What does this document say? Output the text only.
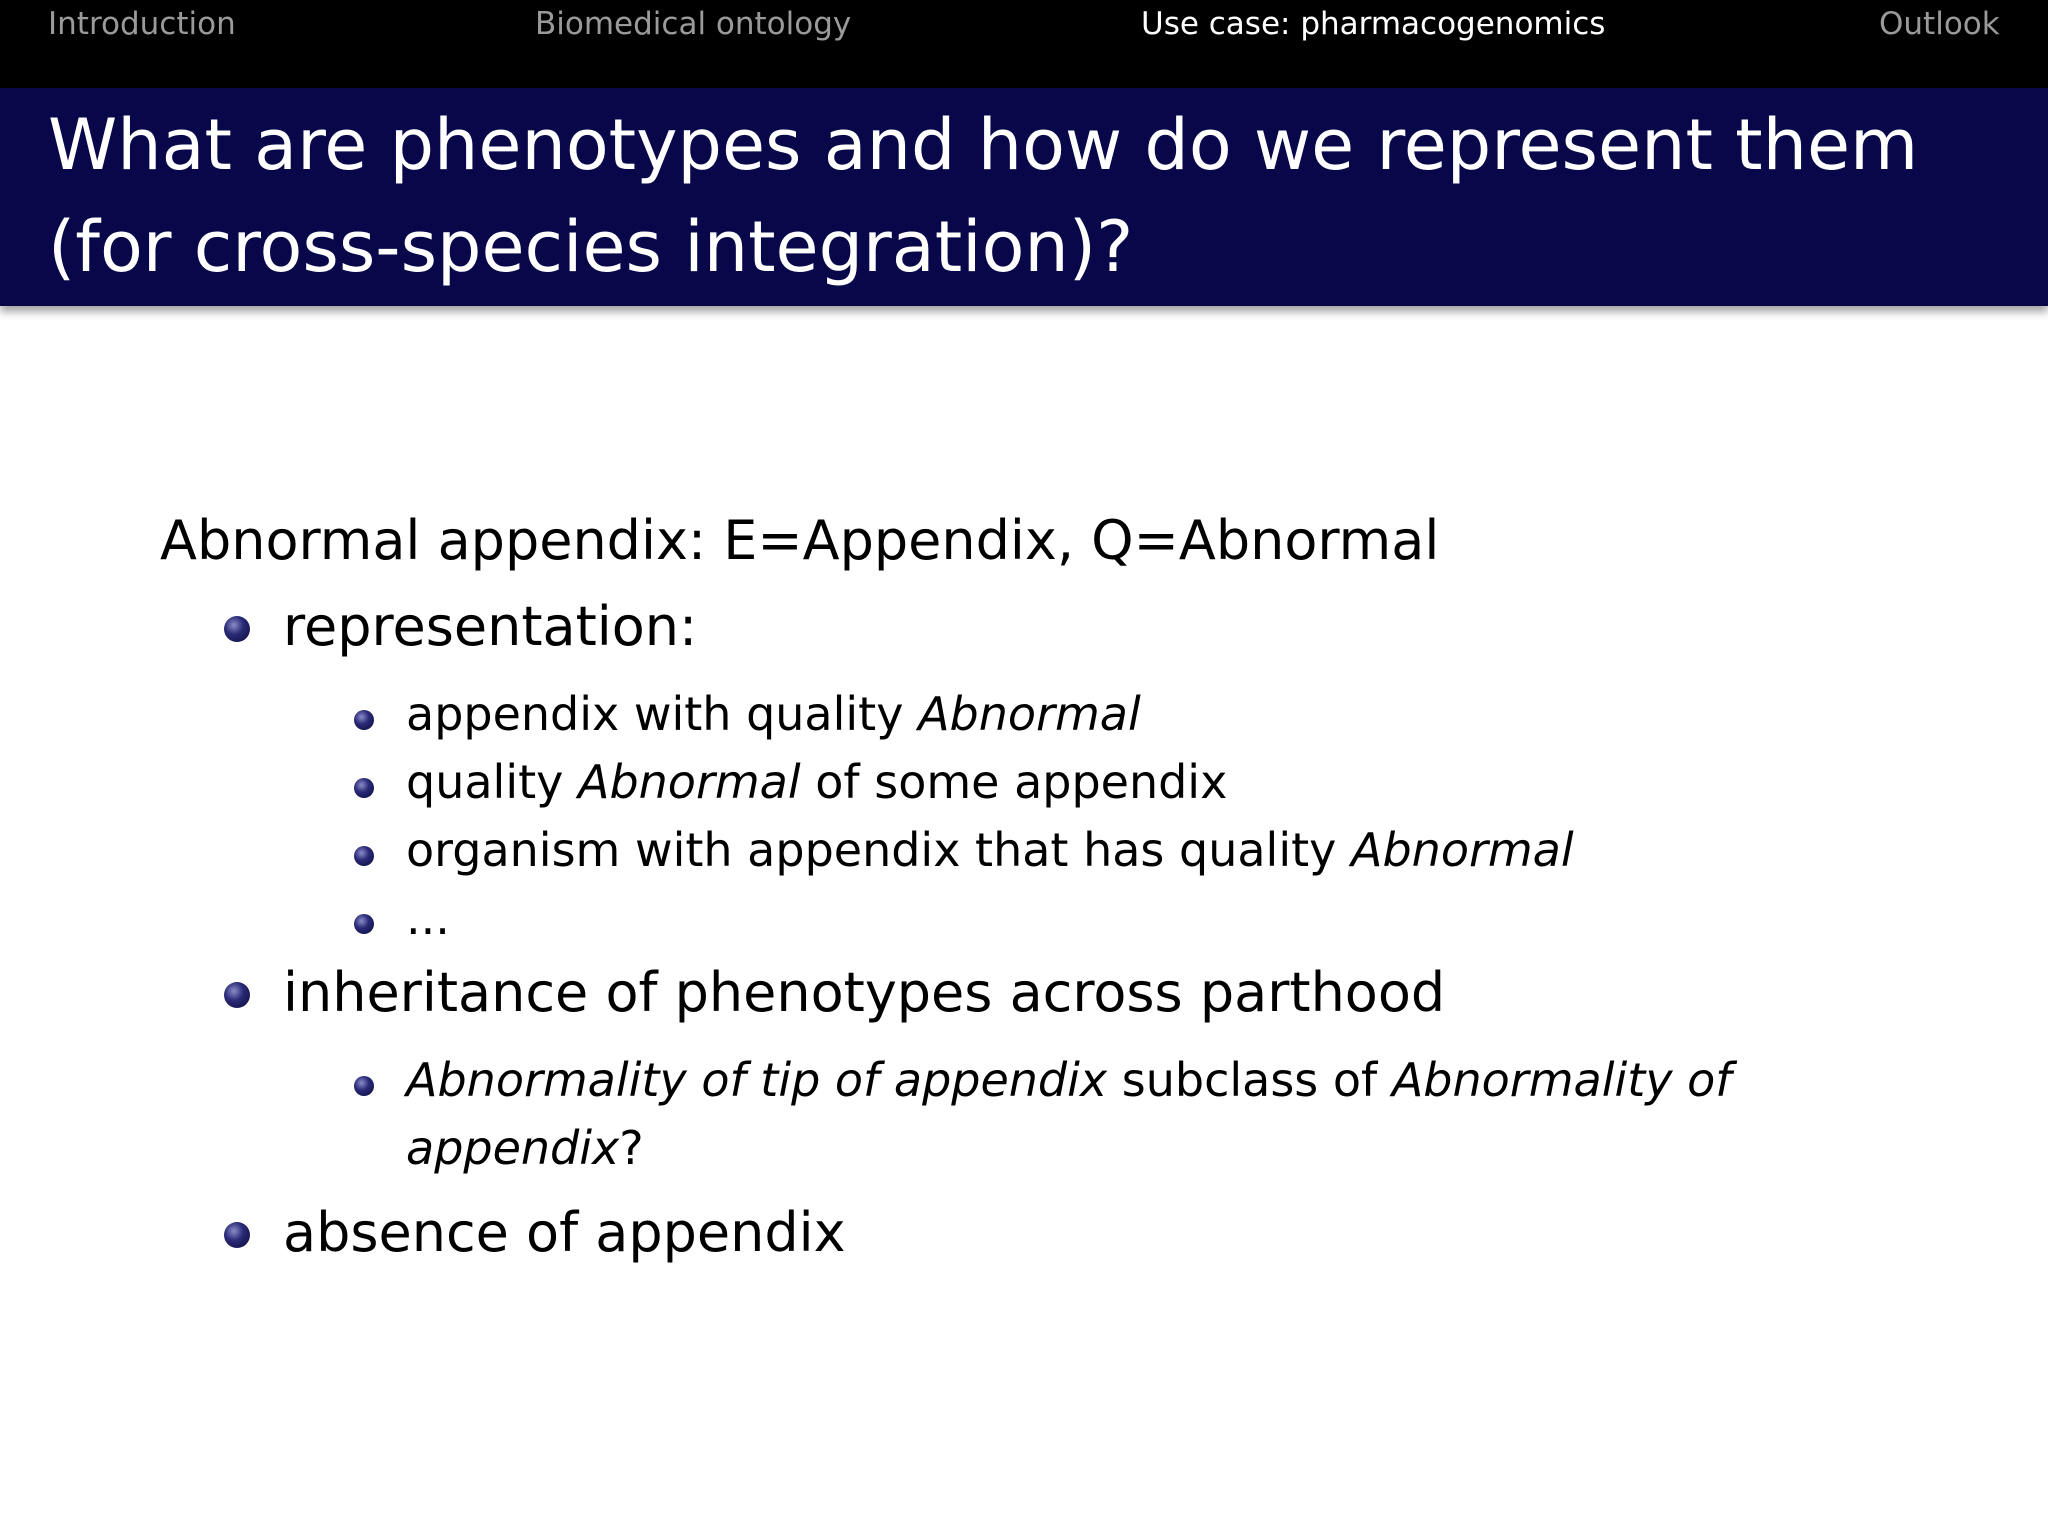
Introduction	Biomedical ontology	Use case: pharmacogenomics	Outlook
What are phenotypes and how do we represent them (for cross-species integration)?
Abnormal appendix: E=Appendix, Q=Abnormal
representation:
appendix with quality Abnormal
quality Abnormal of some appendix
organism with appendix that has quality Abnormal
...
inheritance of phenotypes across parthood
Abnormality of tip of appendix subclass of Abnormality of
appendix?
absence of appendix
